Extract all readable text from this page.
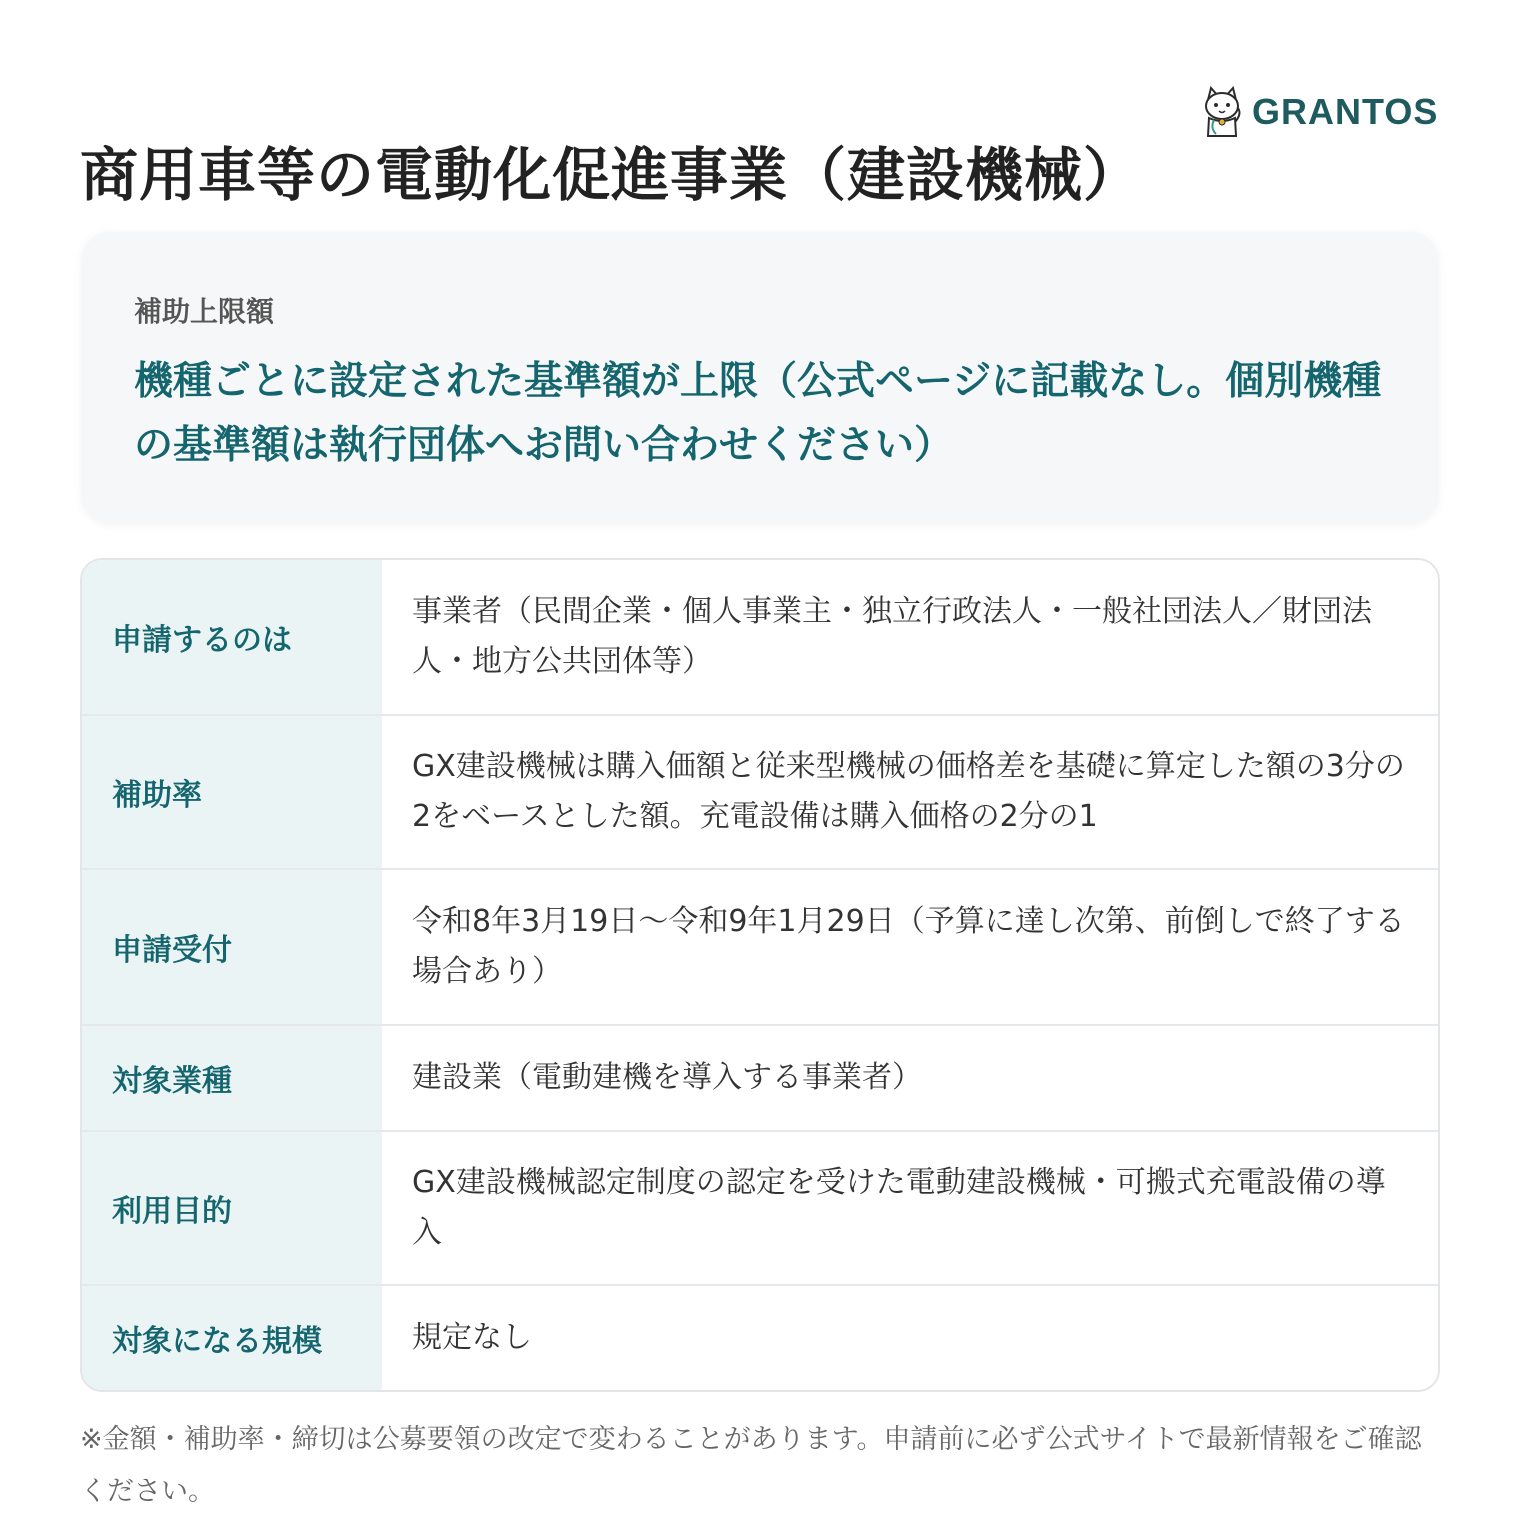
GRANTOS
商用車等の電動化促進事業（建設機械）

補助上限額

機種ごとに設定された基準額が上限（公式ページに記載なし。個別機種の基準額は執行団体へお問い合わせください）

申請するのは
事業者（民間企業・個人事業主・独立行政法人・一般社団法人／財団法人・地方公共団体等）
補助率
GX建設機械は購入価額と従来型機械の価格差を基礎に算定した額の3分の2をベースとした額。充電設備は購入価格の2分の1
申請受付
令和8年3月19日～令和9年1月29日（予算に達し次第、前倒しで終了する場合あり）
対象業種	建設業（電動建機を導入する事業者）
利用目的
GX建設機械認定制度の認定を受けた電動建設機械・可搬式充電設備の導入
対象になる規模	規定なし

※金額・補助率・締切は公募要領の改定で変わることがあります。申請前に必ず公式サイトで最新情報をご確認ください。
